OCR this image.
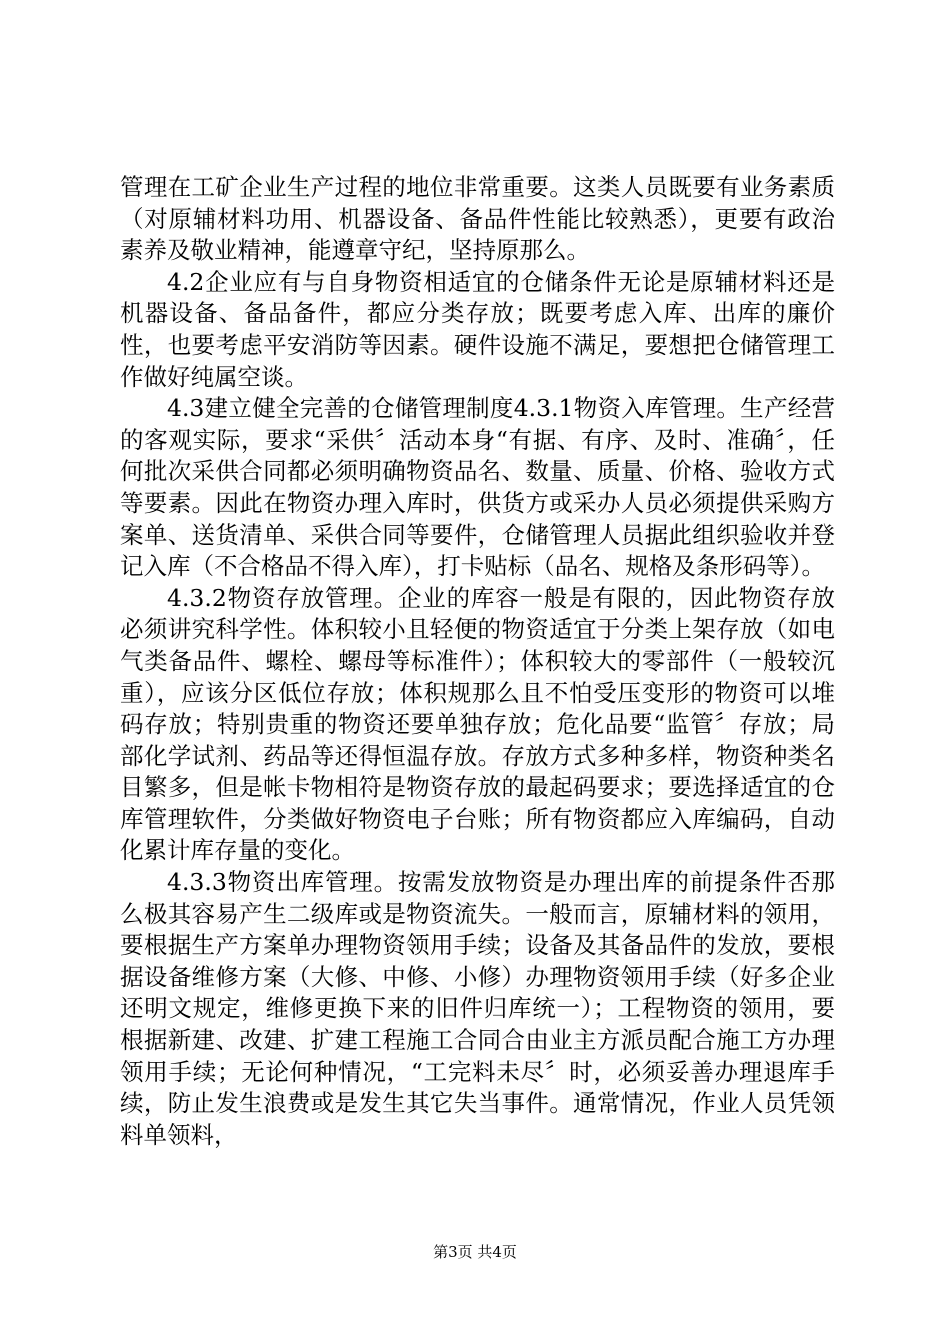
管理在工矿企业生产过程的地位非常重要。这类人员既要有业务素质（对原辅材料功用、机器设备、备品件性能比较熟悉），更要有政治素养及敬业精神，能遵章守纪，坚持原那么。

4.2企业应有与自身物资相适宜的仓储条件无论是原辅材料还是机器设备、备品备件，都应分类存放；既要考虑入库、出库的廉价性，也要考虑平安消防等因素。硬件设施不满足，要想把仓储管理工作做好纯属空谈。

4.3建立健全完善的仓储管理制度4.3.1物资入库管理。生产经营的客观实际，要求“采供〞活动本身“有据、有序、及时、准确〞，任何批次采供合同都必须明确物资品名、数量、质量、价格、验收方式等要素。因此在物资办理入库时，供货方或采办人员必须提供采购方案单、送货清单、采供合同等要件，仓储管理人员据此组织验收并登记入库（不合格品不得入库），打卡贴标（品名、规格及条形码等）。

4.3.2物资存放管理。企业的库容一般是有限的，因此物资存放必须讲究科学性。体积较小且轻便的物资适宜于分类上架存放（如电气类备品件、螺栓、螺母等标准件）；体积较大的零部件（一般较沉重），应该分区低位存放；体积规那么且不怕受压变形的物资可以堆码存放；特别贵重的物资还要单独存放；危化品要“监管〞存放；局部化学试剂、药品等还得恒温存放。存放方式多种多样，物资种类名目繁多，但是帐卡物相符是物资存放的最起码要求；要选择适宜的仓库管理软件，分类做好物资电子台账；所有物资都应入库编码，自动化累计库存量的变化。

4.3.3物资出库管理。按需发放物资是办理出库的前提条件否那么极其容易产生二级库或是物资流失。一般而言，原辅材料的领用，要根据生产方案单办理物资领用手续；设备及其备品件的发放，要根据设备维修方案（大修、中修、小修）办理物资领用手续（好多企业还明文规定，维修更换下来的旧件归库统一）；工程物资的领用，要根据新建、改建、扩建工程施工合同合由业主方派员配合施工方办理领用手续；无论何种情况，“工完料未尽〞时，必须妥善办理退库手续，防止发生浪费或是发生其它失当事件。通常情况，作业人员凭领料单领料，

第3页 共4页
